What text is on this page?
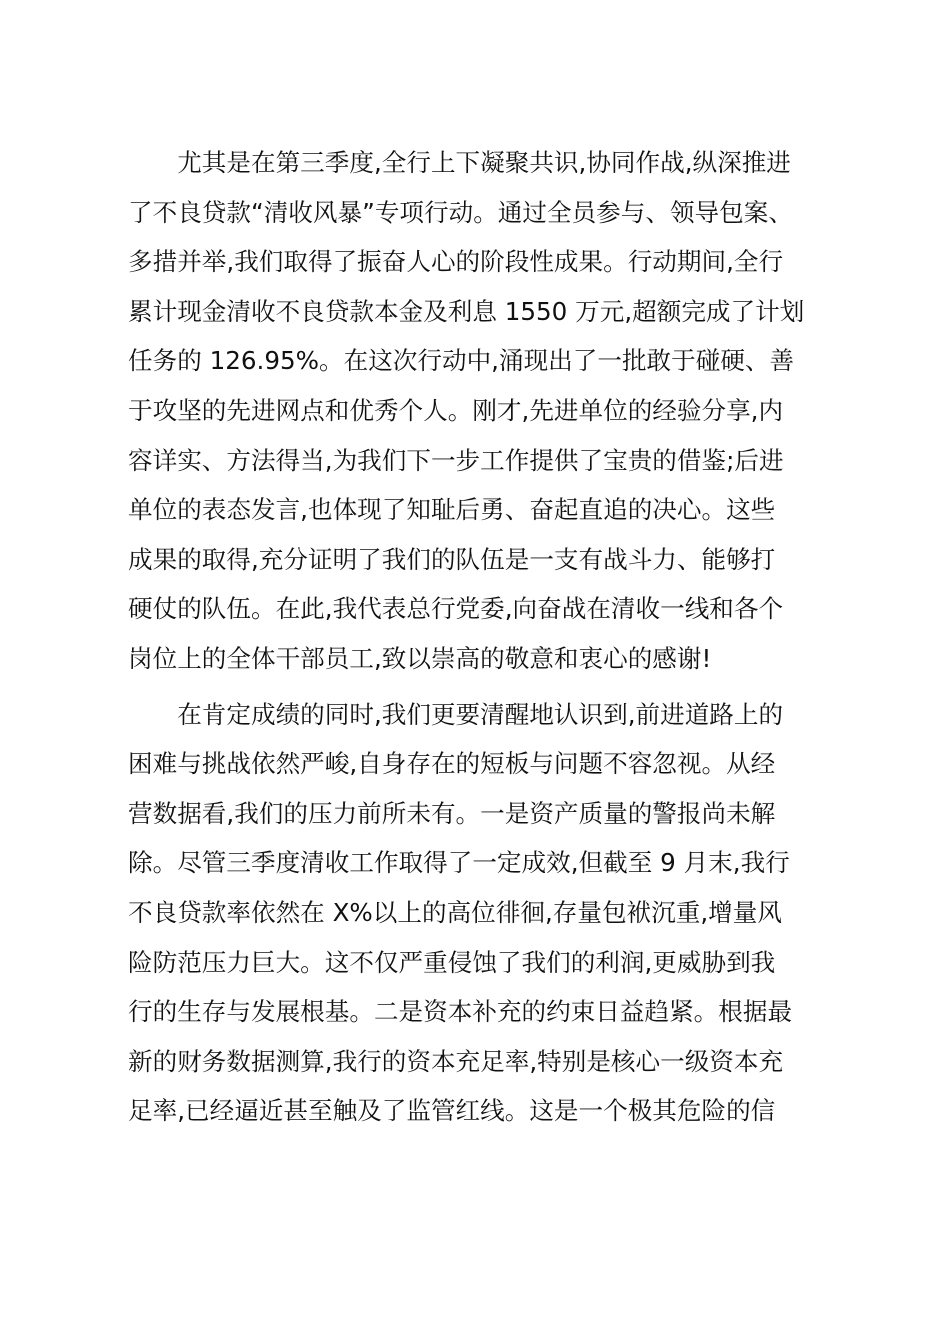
　　尤其是在第三季度,全行上下凝聚共识,协同作战,纵深推进
了不良贷款“清收风暴”专项行动。通过全员参与、领导包案、
多措并举,我们取得了振奋人心的阶段性成果。行动期间,全行
累计现金清收不良贷款本金及利息 1550 万元,超额完成了计划
任务的 126.95%。在这次行动中,涌现出了一批敢于碰硬、善
于攻坚的先进网点和优秀个人。刚才,先进单位的经验分享,内
容详实、方法得当,为我们下一步工作提供了宝贵的借鉴;后进
单位的表态发言,也体现了知耻后勇、奋起直追的决心。这些
成果的取得,充分证明了我们的队伍是一支有战斗力、能够打
硬仗的队伍。在此,我代表总行党委,向奋战在清收一线和各个
岗位上的全体干部员工,致以崇高的敬意和衷心的感谢!
　　在肯定成绩的同时,我们更要清醒地认识到,前进道路上的
困难与挑战依然严峻,自身存在的短板与问题不容忽视。从经
营数据看,我们的压力前所未有。一是资产质量的警报尚未解
除。尽管三季度清收工作取得了一定成效,但截至 9 月末,我行
不良贷款率依然在 X%以上的高位徘徊,存量包袱沉重,增量风
险防范压力巨大。这不仅严重侵蚀了我们的利润,更威胁到我
行的生存与发展根基。二是资本补充的约束日益趋紧。根据最
新的财务数据测算,我行的资本充足率,特别是核心一级资本充
足率,已经逼近甚至触及了监管红线。这是一个极其危险的信
